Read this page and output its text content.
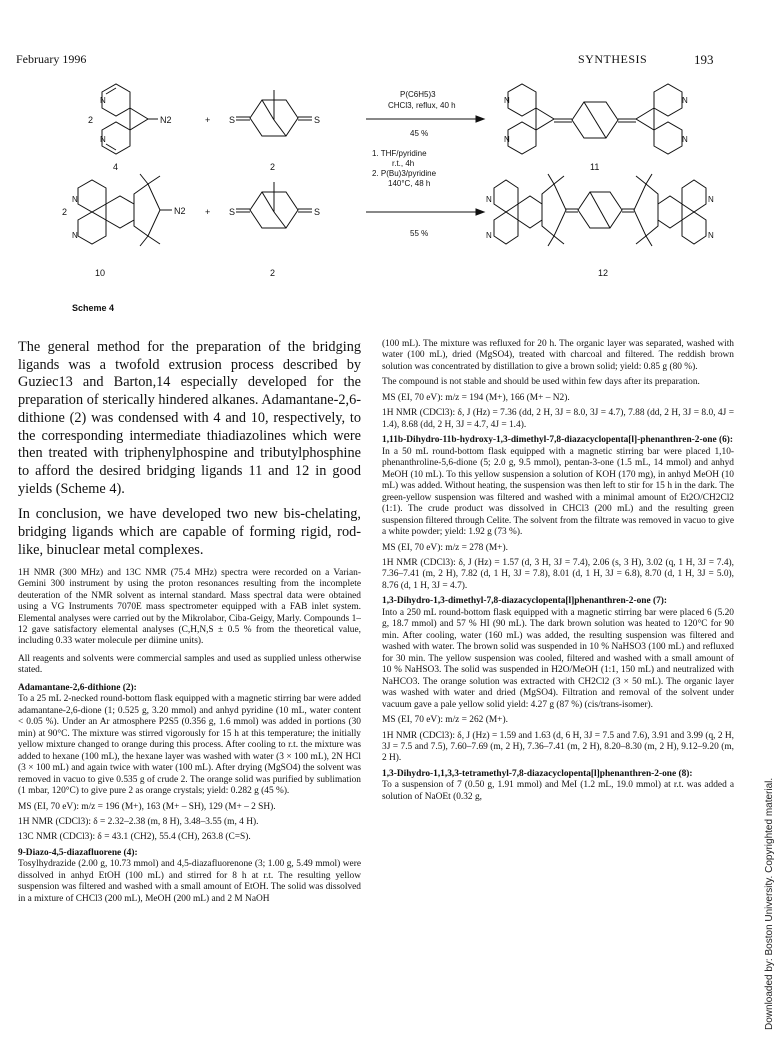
February 1996	SYNTHESIS	193
2
N
N
N2	+ S	S
P(C6H5)3
CHCl3, reflux, 40 h
45 %
4	2	11
N
N
N
N
2
N
N
N2 + S	S
1. THF/pyridine
r.t., 4h
2. P(Bu)3/pyridine
140°C, 48 h
55 %
10	2	12
N
N
N
N
Scheme 4

The general method for the preparation of the bridging ligands was a twofold extrusion process described by Guziec13 and Barton,14 especially developed for the preparation of sterically hindered alkanes. Adamantane-2,6-dithione (2) was condensed with 4 and 10, respectively, to the corresponding intermediate thiadiazolines which were then treated with triphenylphospine and tributylphosphine to afford the desired bridging ligands 11 and 12 in good yields (Scheme 4).

In conclusion, we have developed two new bis-chelating, bridging ligands which are capable of forming rigid, rod-like, binuclear metal complexes.

1H NMR (300 MHz) and 13C NMR (75.4 MHz) spectra were recorded on a Varian-Gemini 300 instrument by using the proton resonances resulting from the incomplete deuteration of the NMR solvent as internal standard. Mass spectral data were obtained using a VG Instruments 7070E mass spectrometer equipped with a FAB inlet system. Elemental analyses were carried out by the Mikrolabor, Ciba-Geigy, Marly. Compounds 1–12 gave satisfactory elemental analyses (C,H,N,S ± 0.5 % from the theoretical value, including 0.33 water molecule per diimine units).

All reagents and solvents were commercial samples and used as supplied unless otherwise stated.

Adamantane-2,6-dithione (2):
To a 25 mL 2-necked round-bottom flask equipped with a magnetic stirring bar were added adamantane-2,6-dione (1; 0.525 g, 3.20 mmol) and anhyd pyridine (10 mL, water content < 0.05 %). Under an Ar atmosphere P2S5 (0.356 g, 1.6 mmol) was added in portions (30 min) at 90°C. The mixture was stirred vigorously for 15 h at this temperature; the initially yellow mixture changed to orange during this process. After cooling to r.t. the mixture was added to hexane (100 mL), the hexane layer was washed with water (3 × 100 mL), 2N HCl (3 × 100 mL) and again twice with water (100 mL). After drying (MgSO4) the solvent was removed in vacuo to give 0.535 g of crude 2. The orange solid was purified by sublimation (1 mbar, 120°C) to give pure 2 as orange crystals; yield: 0.282 g (45 %).

MS (EI, 70 eV): m/z = 196 (M+), 163 (M+ – SH), 129 (M+ – 2 SH).

1H NMR (CDCl3): δ = 2.32–2.38 (m, 8 H), 3.48–3.55 (m, 4 H).

13C NMR (CDCl3): δ = 43.1 (CH2), 55.4 (CH), 263.8 (C=S).

9-Diazo-4,5-diazafluorene (4):
Tosylhydrazide (2.00 g, 10.73 mmol) and 4,5-diazafluorenone (3; 1.00 g, 5.49 mmol) were dissolved in anhyd EtOH (100 mL) and stirred for 8 h at r.t. The resulting yellow suspension was filtered and washed with a small amount of EtOH. The solid was dissolved in a mixture of CHCl3 (200 mL), MeOH (200 mL) and 2 M NaOH

(100 mL). The mixture was refluxed for 20 h. The organic layer was separated, washed with water (100 mL), dried (MgSO4), treated with charcoal and filtered. The reddish brown solution was concentrated by distillation to give a brown solid; yield: 0.85 g (80 %).

The compound is not stable and should be used within few days after its preparation.

MS (EI, 70 eV): m/z = 194 (M+), 166 (M+ – N2).

1H NMR (CDCl3): δ, J (Hz) = 7.36 (dd, 2 H, 3J = 8.0, 3J = 4.7), 7.88 (dd, 2 H, 3J = 8.0, 4J = 1.4), 8.68 (dd, 2 H, 3J = 4.7, 4J = 1.4).

1,11b-Dihydro-11b-hydroxy-1,3-dimethyl-7,8-diazacyclopenta[l]-phenanthren-2-one (6):
In a 50 mL round-bottom flask equipped with a magnetic stirring bar were placed 1,10-phenanthroline-5,6-dione (5; 2.0 g, 9.5 mmol), pentan-3-one (1.5 mL, 14 mmol) and anhyd MeOH (10 mL). To this yellow suspension a solution of KOH (170 mg), in anhyd MeOH (10 mL) was added. Without heating, the suspension was then left to stir for 15 h in the dark. The green-yellow suspension was filtered and washed with a minimal amount of Et2O/CH2Cl2 (1:1). The crude product was dissolved in CHCl3 (200 mL) and the resulting green suspension filtered through Celite. The solvent from the filtrate was removed in vacuo to give a white powder; yield: 1.92 g (73 %).

MS (EI, 70 eV): m/z = 278 (M+).

1H NMR (CDCl3): δ, J (Hz) = 1.57 (d, 3 H, 3J = 7.4), 2.06 (s, 3 H), 3.02 (q, 1 H, 3J = 7.4), 7.36–7.41 (m, 2 H), 7.82 (d, 1 H, 3J = 7.8), 8.01 (d, 1 H, 3J = 6.8), 8.70 (d, 1 H, 3J = 5.0), 8.76 (d, 1 H, 3J = 4.7).

1,3-Dihydro-1,3-dimethyl-7,8-diazacyclopenta[l]phenanthren-2-one (7):
Into a 250 mL round-bottom flask equipped with a magnetic stirring bar were placed 6 (5.20 g, 18.7 mmol) and 57 % HI (90 mL). The dark brown solution was heated to 120°C for 90 min. After cooling, water (160 mL) was added, the resulting suspension was filtered and washed with water. The brown solid was suspended in 10 % NaHSO3 (100 mL) and refluxed for 30 min. The yellow suspension was cooled, filtered and washed with a small amount of 10 % NaHSO3. The solid was suspended in H2O/MeOH (1:1, 150 mL) and neutralized with NaHCO3. The orange solution was extracted with CH2Cl2 (3 × 50 mL). The organic layer was washed with water and dried (MgSO4). Filtration and removal of the solvent under vacuum gave a pale yellow solid yield: 4.27 g (87 %) (cis/trans-isomer).

MS (EI, 70 eV): m/z = 262 (M+).

1H NMR (CDCl3): δ, J (Hz) = 1.59 and 1.63 (d, 6 H, 3J = 7.5 and 7.6), 3.91 and 3.99 (q, 2 H, 3J = 7.5 and 7.5), 7.60–7.69 (m, 2 H), 7.36–7.41 (m, 2 H), 8.20–8.30 (m, 2 H), 9.12–9.20 (m, 2 H).

1,3-Dihydro-1,1,3,3-tetramethyl-7,8-diazacyclopenta[l]phenanthren-2-one (8):
To a suspension of 7 (0.50 g, 1.91 mmol) and MeI (1.2 mL, 19.0 mmol) at r.t. was added a solution of NaOEt (0.32 g,	Downloaded by: Boston University. Copyrighted material.
